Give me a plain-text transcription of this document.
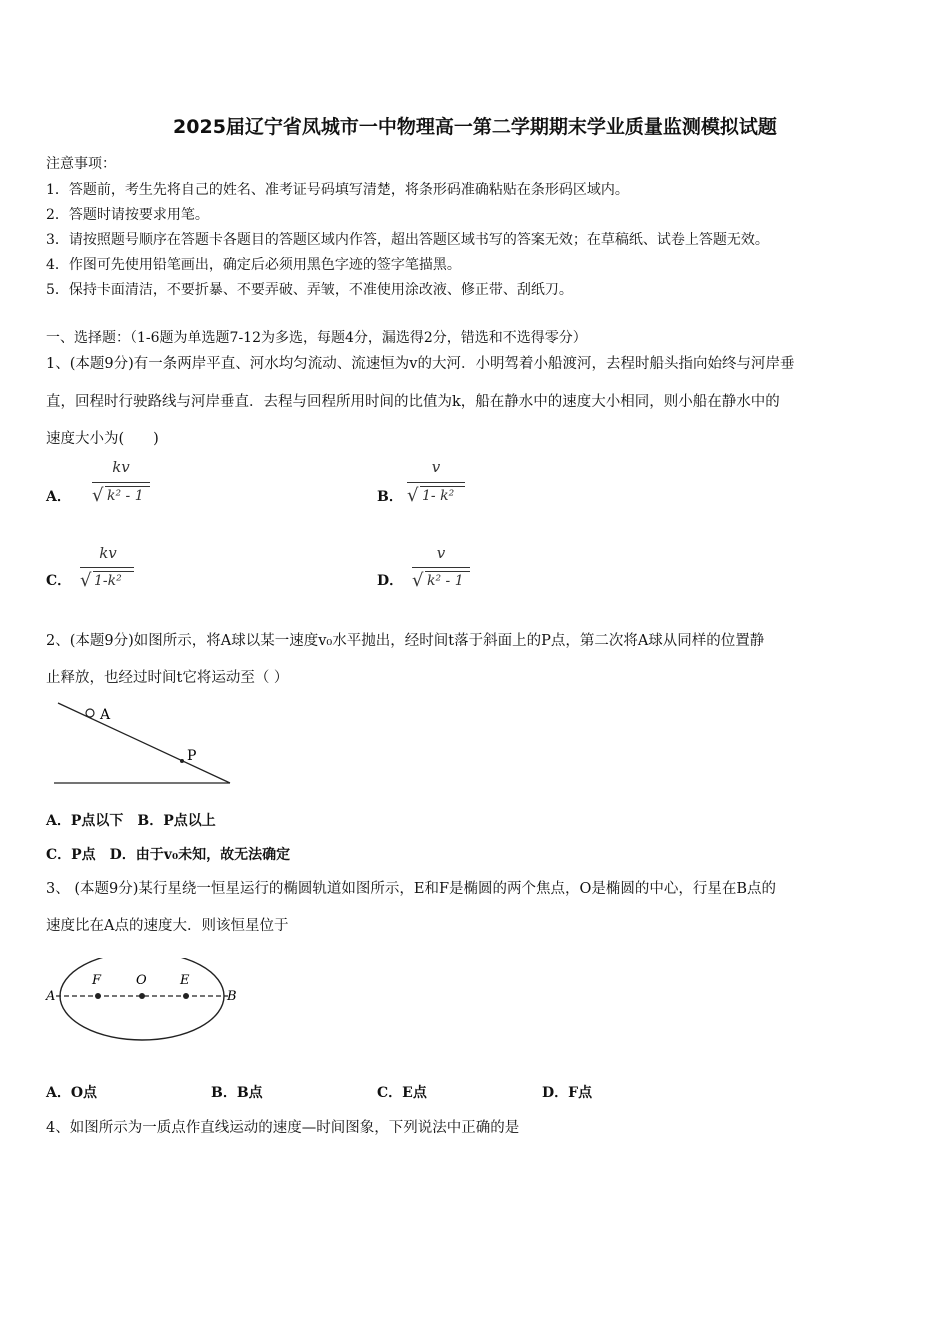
2025届辽宁省凤城市一中物理高一第二学期期末学业质量监测模拟试题
注意事项：
1．答题前，考生先将自己的姓名、准考证号码填写清楚，将条形码准确粘贴在条形码区域内。
2．答题时请按要求用笔。
3．请按照题号顺序在答题卡各题目的答题区域内作答，超出答题区域书写的答案无效；在草稿纸、试卷上答题无效。
4．作图可先使用铅笔画出，确定后必须用黑色字迹的签字笔描黑。
5．保持卡面清洁，不要折暴、不要弄破、弄皱，不准使用涂改液、修正带、刮纸刀。
一、选择题：（1-6题为单选题7-12为多选，每题4分，漏选得2分，错选和不选得零分）
1、(本题9分)有一条两岸平直、河水均匀流动、流速恒为v的大河．小明驾着小船渡河，去程时船头指向始终与河岸垂
直，回程时行驶路线与河岸垂直．去程与回程所用时间的比值为k，船在静水中的速度大小相同，则小船在静水中的
速度大小为(　　)
A．
kv
√ k² - 1	B．
v
√ 1- k²
C．
kv
√ 1-k²	D．
v
√ k² - 1
2、(本题9分)如图所示，将A球以某一速度v₀水平抛出，经时间t落于斜面上的P点，第二次将A球从同样的位置静
止释放，也经过时间t它将运动至（ ）
A
P
A．P点以下　B．P点以上
C．P点　D．由于v₀未知，故无法确定
3、 (本题9分)某行星绕一恒星运行的椭圆轨道如图所示，E和F是椭圆的两个焦点，O是椭圆的中心，行星在B点的
速度比在A点的速度大．则该恒星位于
A	B
F	O	E
A．O点	B．B点	C．E点	D．F点
4、如图所示为一质点作直线运动的速度—时间图象，下列说法中正确的是
